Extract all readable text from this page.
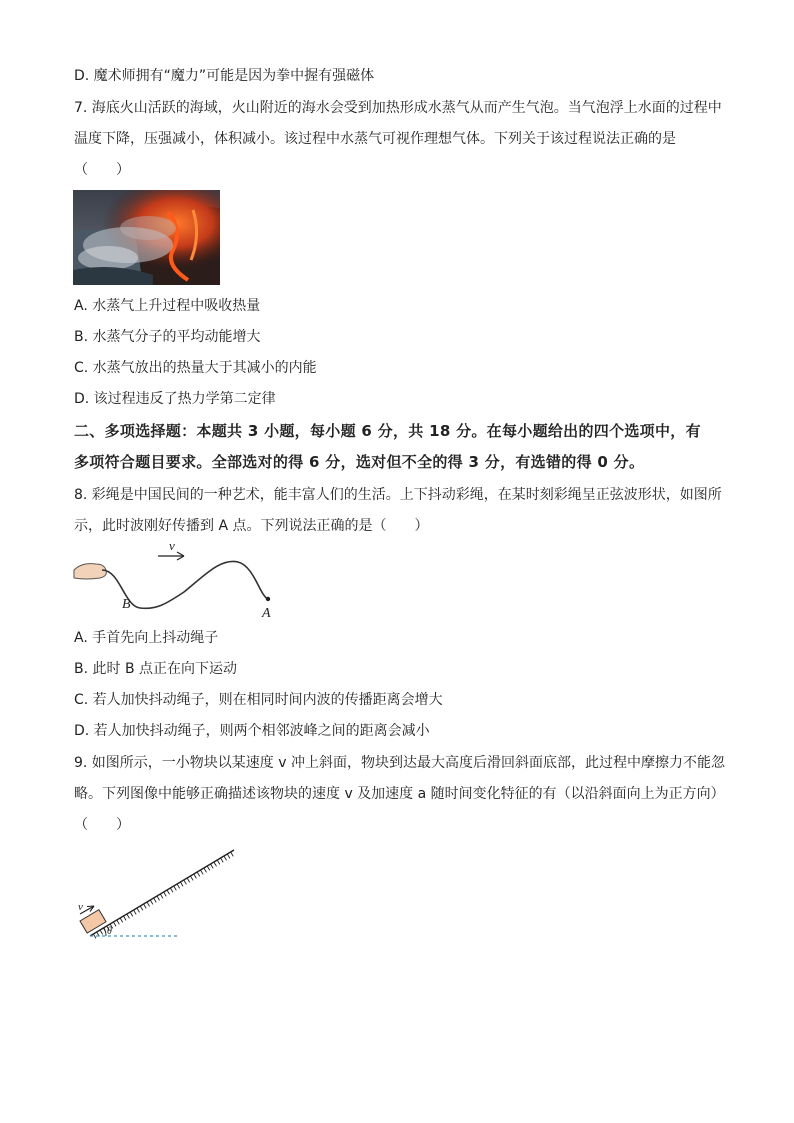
D. 魔术师拥有“魔力”可能是因为拳中握有强磁体
7. 海底火山活跃的海域，火山附近的海水会受到加热形成水蒸气从而产生气泡。当气泡浮上水面的过程中
温度下降，压强减小，体积减小。该过程中水蒸气可视作理想气体。下列关于该过程说法正确的是
（　　）
A. 水蒸气上升过程中吸收热量
B. 水蒸气分子的平均动能增大
C. 水蒸气放出的热量大于其减小的内能
D. 该过程违反了热力学第二定律
二、多项选择题：本题共 3 小题，每小题 6 分，共 18 分。在每小题给出的四个选项中，有
多项符合题目要求。全部选对的得 6 分，选对但不全的得 3 分，有选错的得 0 分。
8. 彩绳是中国民间的一种艺术，能丰富人们的生活。上下抖动彩绳，在某时刻彩绳呈正弦波形状，如图所
示，此时波刚好传播到 A 点。下列说法正确的是（　　）
v
B
A
A. 手首先向上抖动绳子
B. 此时 B 点正在向下运动
C. 若人加快抖动绳子，则在相同时间内波的传播距离会增大
D. 若人加快抖动绳子，则两个相邻波峰之间的距离会减小
9. 如图所示，一小物块以某速度 v 冲上斜面，物块到达最大高度后滑回斜面底部，此过程中摩擦力不能忽
略。下列图像中能够正确描述该物块的速度 v 及加速度 a 随时间变化特征的有（以沿斜面向上为正方向）
（　　）
v
θ
